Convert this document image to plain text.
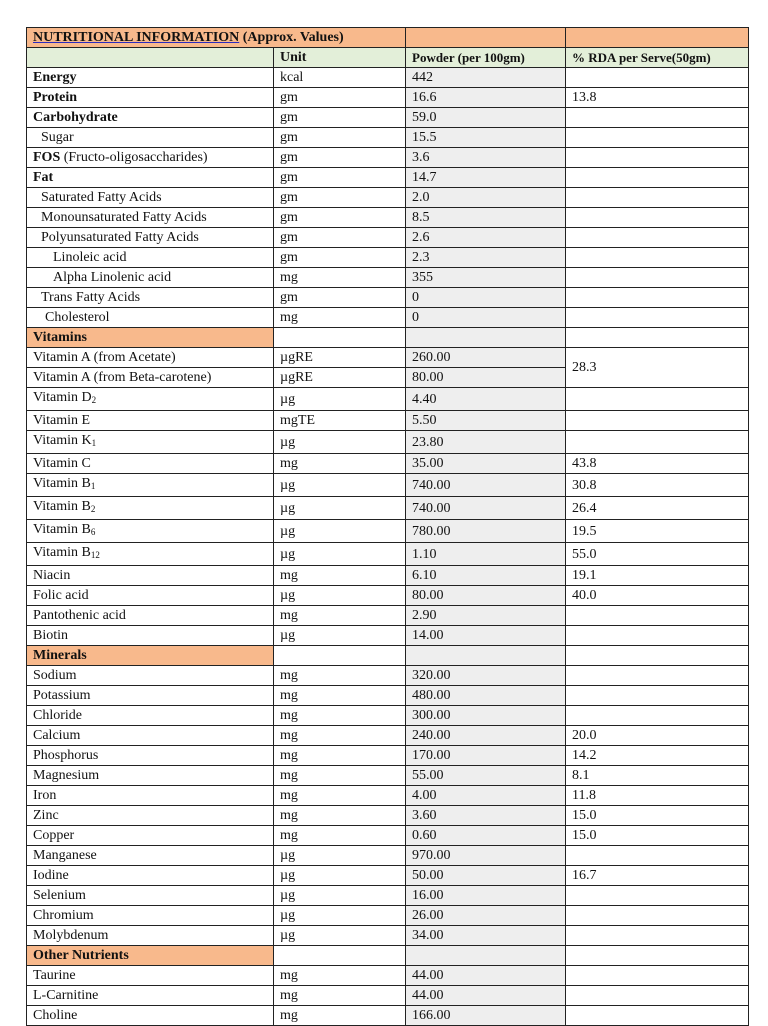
NUTRITIONAL INFORMATION (Approx. Values)			
	Unit	Powder (per 100gm)	% RDA per Serve(50gm)
Energy	kcal	442	
Protein	gm	16.6	13.8
Carbohydrate	gm	59.0	
Sugar	gm	15.5	
FOS (Fructo-oligosaccharides)	gm	3.6	
Fat	gm	14.7	
Saturated Fatty Acids	gm	2.0	
Monounsaturated Fatty Acids	gm	8.5	
Polyunsaturated Fatty Acids	gm	2.6	
Linoleic acid	gm	2.3	
Alpha Linolenic acid	mg	355	
Trans Fatty Acids	gm	0	
Cholesterol	mg	0	
Vitamins			
Vitamin A (from Acetate)	µgRE	260.00	28.3
Vitamin A (from Beta-carotene)	µgRE	80.00	
Vitamin $D_2$	µg	4.40	
Vitamin E	mgTE	5.50	
Vitamin $K_1$	µg	23.80	
Vitamin C	mg	35.00	43.8
Vitamin $B_1$	µg	740.00	30.8
Vitamin $B_2$	µg	740.00	26.4
Vitamin $B_6$	µg	780.00	19.5
Vitamin $B_{12}$	µg	1.10	55.0
Niacin	mg	6.10	19.1
Folic acid	µg	80.00	40.0
Pantothenic acid	mg	2.90	
Biotin	µg	14.00	
Minerals			
Sodium	mg	320.00	
Potassium	mg	480.00	
Chloride	mg	300.00	
Calcium	mg	240.00	20.0
Phosphorus	mg	170.00	14.2
Magnesium	mg	55.00	8.1
Iron	mg	4.00	11.8
Zinc	mg	3.60	15.0
Copper	mg	0.60	15.0
Manganese	µg	970.00	
Iodine	µg	50.00	16.7
Selenium	µg	16.00	
Chromium	µg	26.00	
Molybdenum	µg	34.00	
Other Nutrients			
Taurine	mg	44.00	
L-Carnitine	mg	44.00	
Choline	mg	166.00	
